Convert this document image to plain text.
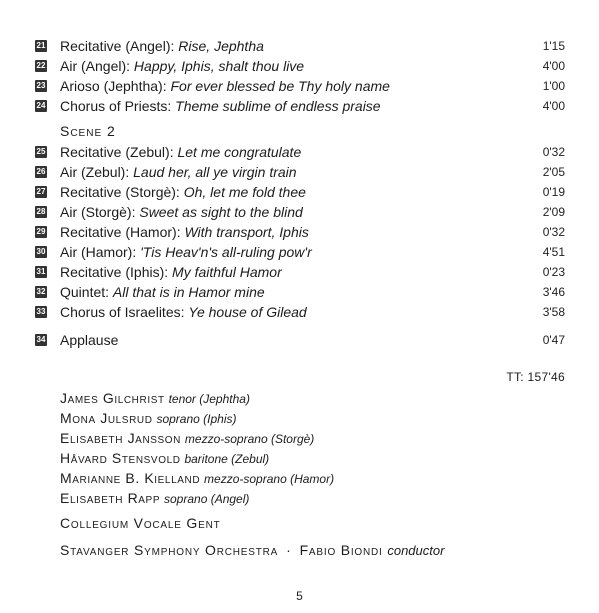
21 Recitative (Angel): Rise, Jephtha	1'15
22 Air (Angel): Happy, Iphis, shalt thou live	4'00
23 Arioso (Jephtha): For ever blessed be Thy holy name	1'00
24 Chorus of Priests: Theme sublime of endless praise	4'00
Scene 2
25 Recitative (Zebul): Let me congratulate	0'32
26 Air (Zebul): Laud her, all ye virgin train	2'05
27 Recitative (Storgè): Oh, let me fold thee	0'19
28 Air (Storgè): Sweet as sight to the blind	2'09
29 Recitative (Hamor): With transport, Iphis	0'32
30 Air (Hamor): 'Tis Heav'n's all-ruling pow'r	4'51
31 Recitative (Iphis): My faithful Hamor	0'23
32 Quintet: All that is in Hamor mine	3'46
33 Chorus of Israelites: Ye house of Gilead	3'58
34 Applause	0'47
TT: 157'46
James Gilchrist tenor (Jephtha)
Mona Julsrud soprano (Iphis)
Elisabeth Jansson mezzo-soprano (Storgè)
Håvard Stensvold baritone (Zebul)
Marianne B. Kielland mezzo-soprano (Hamor)
Elisabeth Rapp soprano (Angel)
Collegium Vocale Gent
Stavanger Symphony Orchestra · Fabio Biondi conductor
5
